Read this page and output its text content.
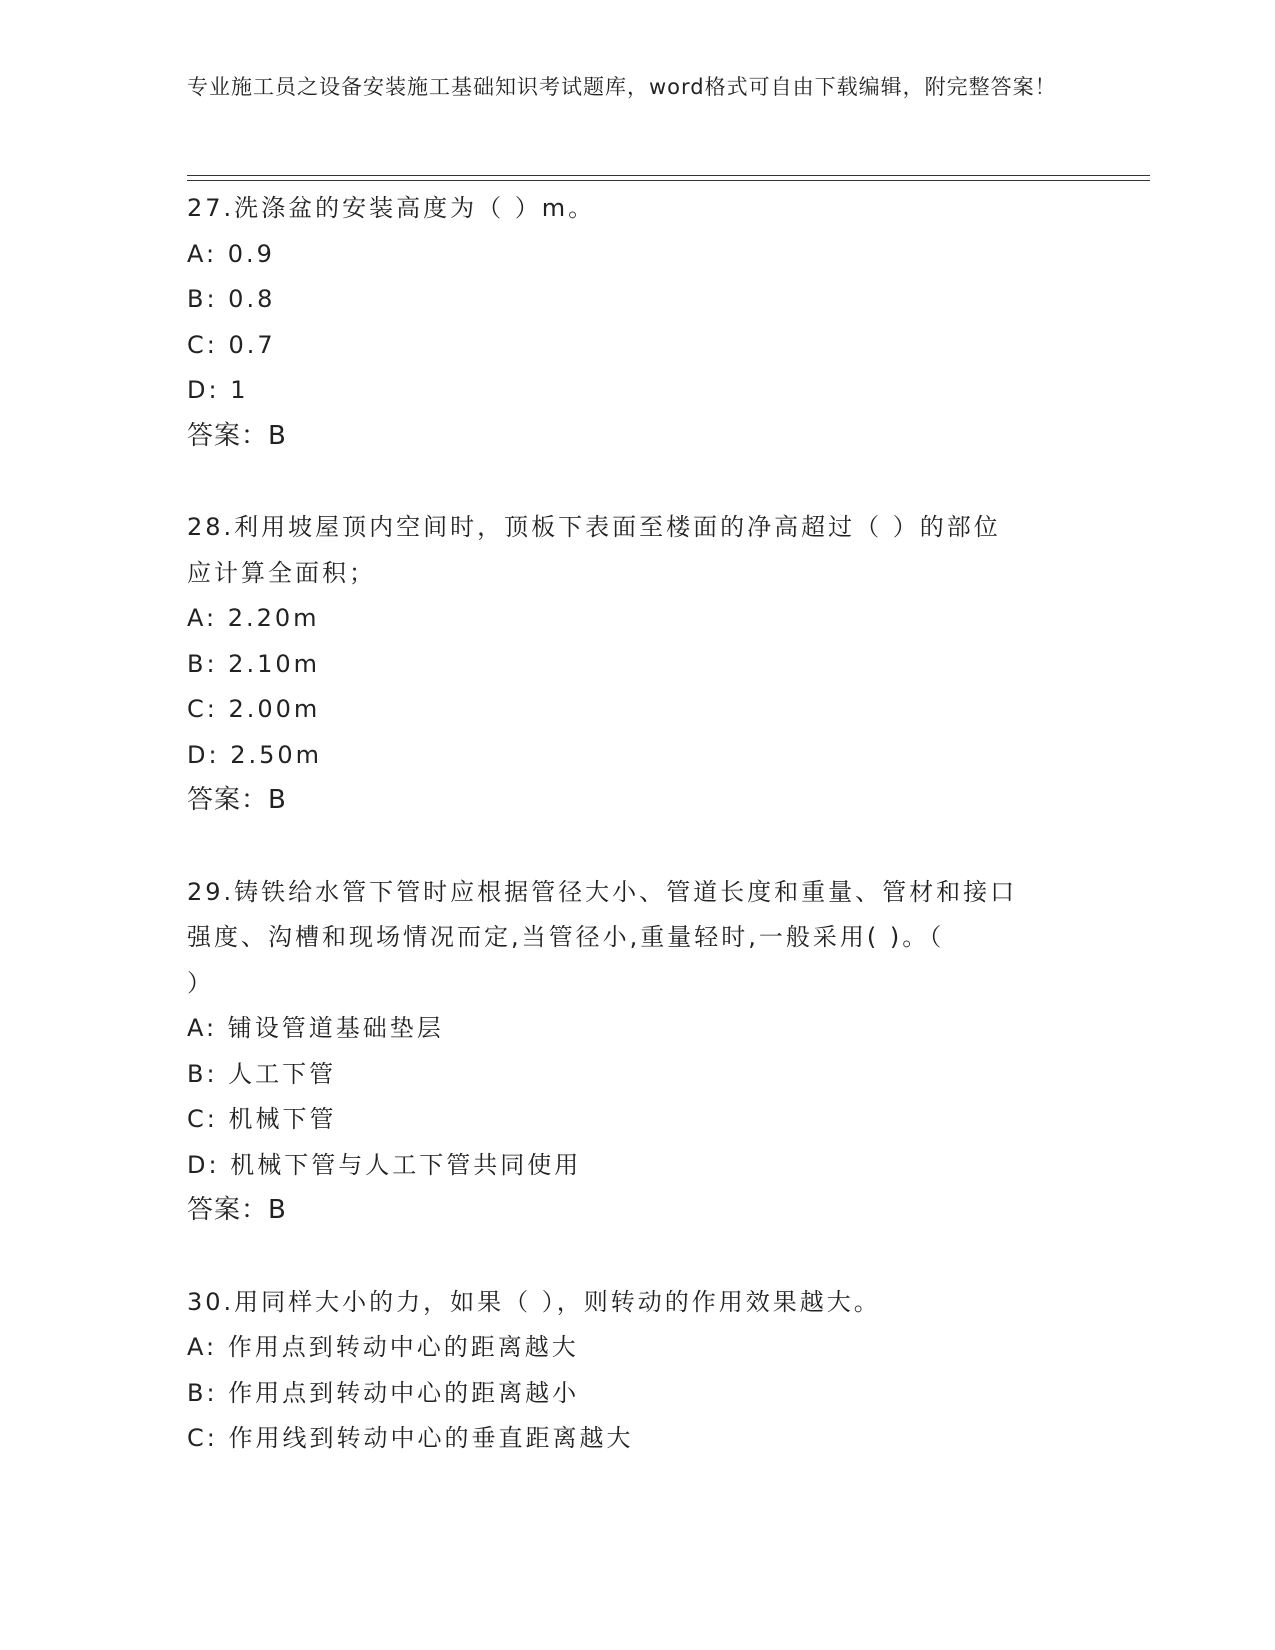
专业施工员之设备安装施工基础知识考试题库，word格式可自由下载编辑，附完整答案！
27.洗涤盆的安装高度为（ ）m。
A: 0.9
B: 0.8
C: 0.7
D: 1
答案：B
28.利用坡屋顶内空间时，顶板下表面至楼面的净高超过（ ）的部位
应计算全面积；
A: 2.20m
B: 2.10m
C: 2.00m
D: 2.50m
答案：B
29.铸铁给水管下管时应根据管径大小、管道长度和重量、管材和接口
强度、沟槽和现场情况而定,当管径小,重量轻时,一般采用( )。（
）
A: 铺设管道基础垫层
B: 人工下管
C: 机械下管
D: 机械下管与人工下管共同使用
答案：B
30.用同样大小的力，如果（ ），则转动的作用效果越大。
A: 作用点到转动中心的距离越大
B: 作用点到转动中心的距离越小
C: 作用线到转动中心的垂直距离越大
